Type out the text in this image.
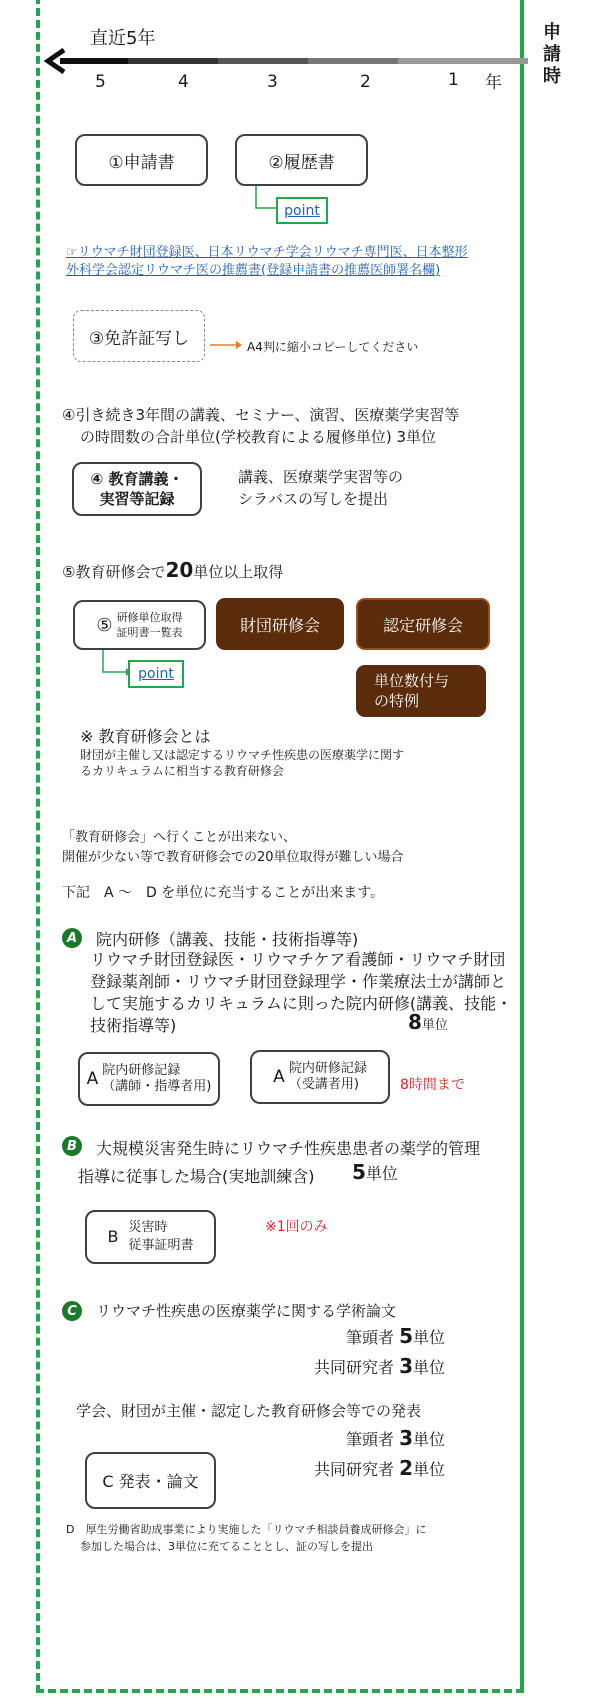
直近5年
5	4	3	2	1 年
申
請
時
①申請書	②履歴書
point
☞リウマチ財団登録医、日本リウマチ学会リウマチ専門医、日本整形
外科学会認定リウマチ医の推薦書(登録申請書の推薦医師署名欄)
③免許証写し	A4判に縮小コピーしてください
④引き続き3年間の講義、セミナー、演習、医療薬学実習等
の時間数の合計単位(学校教育による履修単位) 3単位
④ 教育講義・
実習等記録
講義、医療薬学実習等の
シラバスの写しを提出
⑤教育研修会で20単位以上取得
⑤ 研修単位取得
証明書一覧表	財団研修会	認定研修会
単位数付与
の特例
point
※ 教育研修会とは
財団が主催し又は認定するリウマチ性疾患の医療薬学に関す
るカリキュラムに相当する教育研修会
「教育研修会」へ行くことが出来ない、
開催が少ない等で教育研修会での20単位取得が難しい場合
下記　A 〜　D を単位に充当することが出来ます。
A	院内研修（講義、技能・技術指導等)
リウマチ財団登録医・リウマチケア看護師・リウマチ財団
登録薬剤師・リウマチ財団登録理学・作業療法士が講師と
して実施するカリキュラムに則った院内研修(講義、技能・
技術指導等)	8単位
A 院内研修記録
（講師・指導者用)	A 院内研修記録
（受講者用)	8時間まで
B	大規模災害発生時にリウマチ性疾患患者の薬学的管理
指導に従事した場合(実地訓練含) 5単位
B 災害時
従事証明書
※1回のみ
C	リウマチ性疾患の医療薬学に関する学術論文
筆頭者 5単位
共同研究者 3単位
学会、財団が主催・認定した教育研修会等での発表
筆頭者 3単位
共同研究者 2単位
C 発表・論文
D　厚生労働省助成事業により実施した「リウマチ相談員養成研修会」に
参加した場合は、3単位に充てることとし、証の写しを提出
